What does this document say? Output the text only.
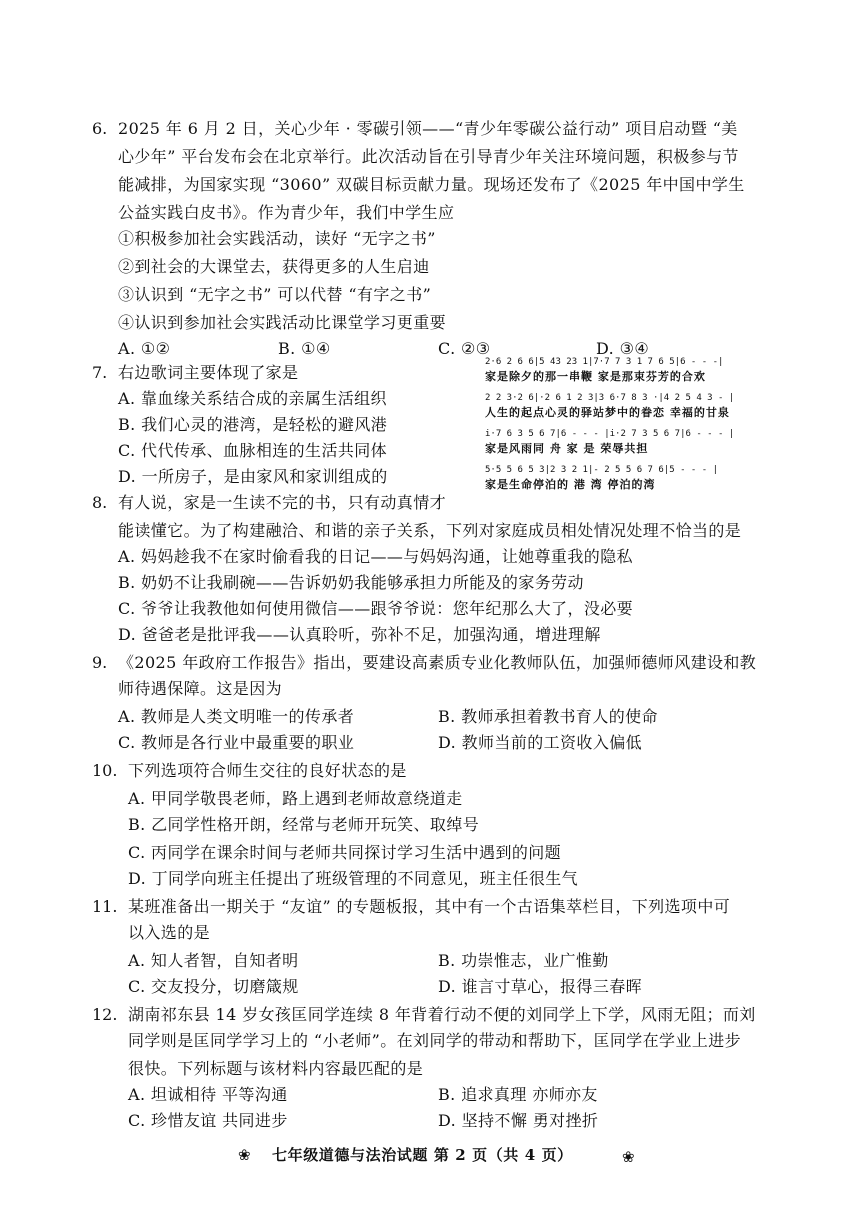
6. 2025 年 6 月 2 日，关心少年 · 零碳引领——“青少年零碳公益行动” 项目启动暨 “美
心少年” 平台发布会在北京举行。此次活动旨在引导青少年关注环境问题，积极参与节
能减排，为国家实现 “3060” 双碳目标贡献力量。现场还发布了《2025 年中国中学生
公益实践白皮书》。作为青少年，我们中学生应
①积极参加社会实践活动，读好 “无字之书”
②到社会的大课堂去，获得更多的人生启迪
③认识到 “无字之书” 可以代替 “有字之书”
④认识到参加社会实践活动比课堂学习更重要
A. ①②	B. ①④	C. ②③	D. ③④
7. 右边歌词主要体现了家是
A. 靠血缘关系结合成的亲属生活组织
B. 我们心灵的港湾，是轻松的避风港
C. 代代传承、血脉相连的生活共同体
D. 一所房子，是由家风和家训组成的
2·6 2 6 6|5 43 23 1|7·7 7 3 1 7 6 5|6 - - -|
家是除夕的那一串鞭 家是那束芬芳的合欢
2 2 3·2 6|·2 6 1 2 3|3 6·7 8 3 ·|4 2 5 4 3 - |
人生的起点心灵的驿站梦中的眷恋 幸福的甘泉
i·7 6 3 5 6 7|6 - - - |i·2 7 3 5 6 7|6 - - - |
家是风雨同 舟 家 是 荣辱共担
5·5 5 6 5 3|2 3 2 1|- 2 5 5 6 7 6|5 - - - |
家是生命停泊的 港 湾 停泊的湾
8. 有人说，家是一生读不完的书，只有动真情才
能读懂它。为了构建融洽、和谐的亲子关系，下列对家庭成员相处情况处理不恰当的是
A. 妈妈趁我不在家时偷看我的日记——与妈妈沟通，让她尊重我的隐私
B. 奶奶不让我刷碗——告诉奶奶我能够承担力所能及的家务劳动
C. 爷爷让我教他如何使用微信——跟爷爷说：您年纪那么大了，没必要
D. 爸爸老是批评我——认真聆听，弥补不足，加强沟通，增进理解
9. 《2025 年政府工作报告》指出，要建设高素质专业化教师队伍，加强师德师风建设和教
师待遇保障。这是因为
A. 教师是人类文明唯一的传承者	B. 教师承担着教书育人的使命
C. 教师是各行业中最重要的职业	D. 教师当前的工资收入偏低
10. 下列选项符合师生交往的良好状态的是
A. 甲同学敬畏老师，路上遇到老师故意绕道走
B. 乙同学性格开朗，经常与老师开玩笑、取绰号
C. 丙同学在课余时间与老师共同探讨学习生活中遇到的问题
D. 丁同学向班主任提出了班级管理的不同意见，班主任很生气
11. 某班准备出一期关于 “友谊” 的专题板报，其中有一个古语集萃栏目，下列选项中可
以入选的是
A. 知人者智，自知者明	B. 功崇惟志，业广惟勤
C. 交友投分，切磨箴规	D. 谁言寸草心，报得三春晖
12. 湖南祁东县 14 岁女孩匡同学连续 8 年背着行动不便的刘同学上下学，风雨无阻；而刘
同学则是匡同学学习上的 “小老师”。在刘同学的带动和帮助下，匡同学在学业上进步
很快。下列标题与该材料内容最匹配的是
A. 坦诚相待 平等沟通	B. 追求真理 亦师亦友
C. 珍惜友谊 共同进步	D. 坚持不懈 勇对挫折
❀ 七年级道德与法治试题 第 2 页（共 4 页）	❀
